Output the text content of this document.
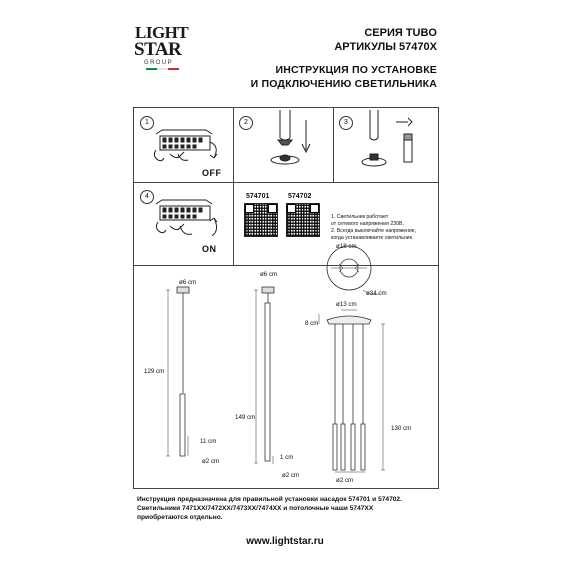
LIGHT
STAR
GROUP
СЕРИЯ TUBO
АРТИКУЛЫ 57470X
ИНСТРУКЦИЯ ПО УСТАНОВКЕ
И ПОДКЛЮЧЕНИЮ СВЕТИЛЬНИКА
1	2	3
4
OFF
ON
574701	574702
1. Светильник работает
от сетевого напряжения 230В.
2. Всегда выключайте напряжение,
когда устанавливаете светильник.
ø6 cm
129 cm
11 cm
ø2 cm
ø6 cm
149 cm
1 cm
ø2 cm
ø18 cm
ø34 cm
ø13 cm
8 cm
130 cm
ø2 cm
Инструкция предназначена для правильной установки насадок 574701 и 574702.
Светильники 7471XX/7472XX/7473XX/7474XX и потолочные чаши 5747XX
приобретаются отдельно.
www.lightstar.ru
